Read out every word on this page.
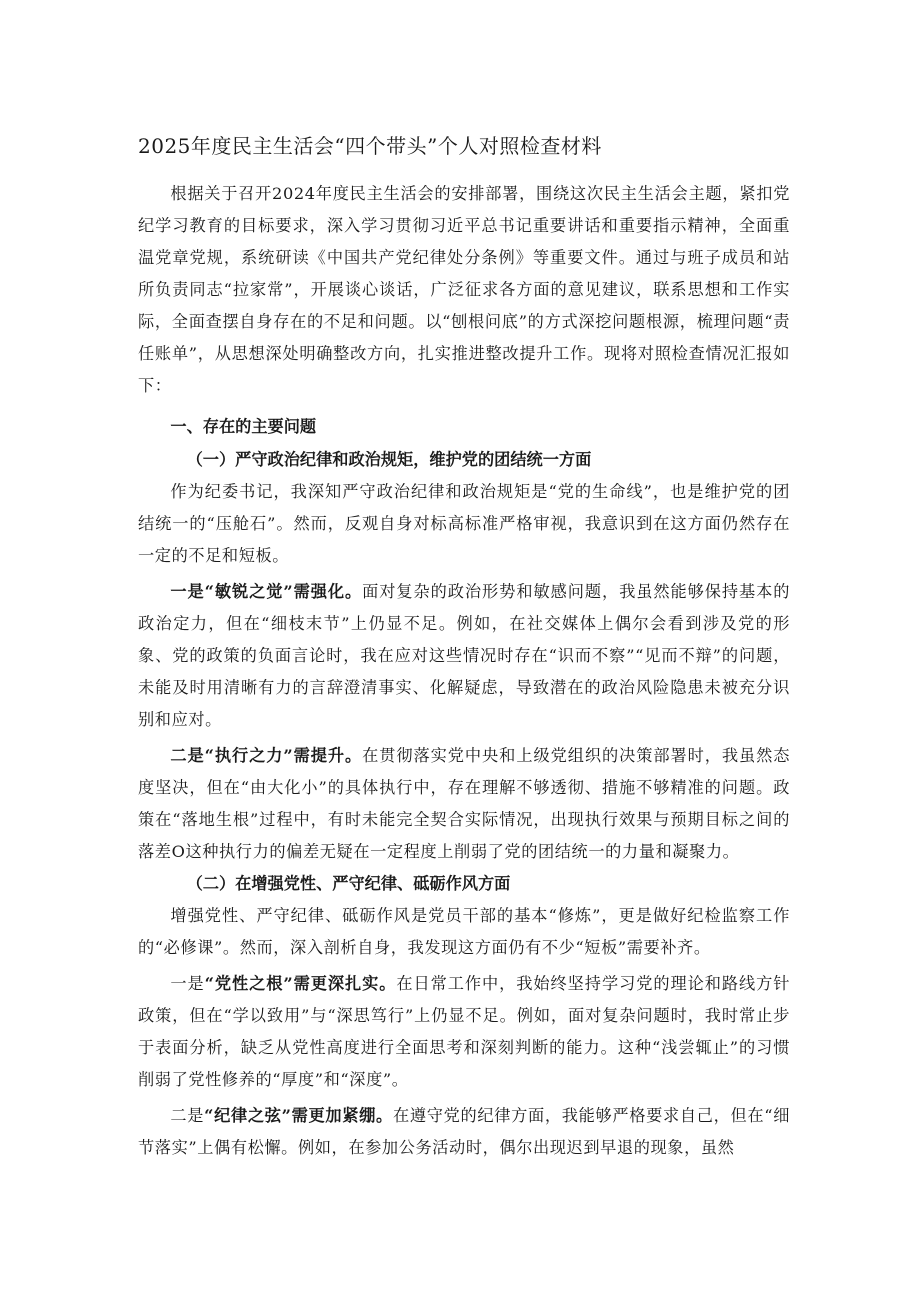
2025年度民主生活会“四个带头”个人对照检查材料

根据关于召开2024年度民主生活会的安排部署，围绕这次民主生活会主题，紧扣党纪学习教育的目标要求，深入学习贯彻习近平总书记重要讲话和重要指示精神，全面重温党章党规，系统研读《中国共产党纪律处分条例》等重要文件。通过与班子成员和站所负责同志“拉家常”，开展谈心谈话，广泛征求各方面的意见建议，联系思想和工作实际，全面查摆自身存在的不足和问题。以“刨根问底”的方式深挖问题根源，梳理问题“责任账单”，从思想深处明确整改方向，扎实推进整改提升工作。现将对照检查情况汇报如下：

一、存在的主要问题

（一）严守政治纪律和政治规矩，维护党的团结统一方面

作为纪委书记，我深知严守政治纪律和政治规矩是“党的生命线”，也是维护党的团结统一的“压舱石”。然而，反观自身对标高标准严格审视，我意识到在这方面仍然存在一定的不足和短板。

一是“敏锐之觉”需强化。面对复杂的政治形势和敏感问题，我虽然能够保持基本的政治定力，但在“细枝末节”上仍显不足。例如，在社交媒体上偶尔会看到涉及党的形象、党的政策的负面言论时，我在应对这些情况时存在“识而不察”“见而不辩”的问题，未能及时用清晰有力的言辞澄清事实、化解疑虑，导致潜在的政治风险隐患未被充分识别和应对。

二是“执行之力”需提升。在贯彻落实党中央和上级党组织的决策部署时，我虽然态度坚决，但在“由大化小”的具体执行中，存在理解不够透彻、措施不够精准的问题。政策在“落地生根”过程中，有时未能完全契合实际情况，出现执行效果与预期目标之间的落差O这种执行力的偏差无疑在一定程度上削弱了党的团结统一的力量和凝聚力。

（二）在增强党性、严守纪律、砥砺作风方面

增强党性、严守纪律、砥砺作风是党员干部的基本“修炼”，更是做好纪检监察工作的“必修课”。然而，深入剖析自身，我发现这方面仍有不少“短板”需要补齐。

一是“党性之根”需更深扎实。在日常工作中，我始终坚持学习党的理论和路线方针政策，但在“学以致用”与“深思笃行”上仍显不足。例如，面对复杂问题时，我时常止步于表面分析，缺乏从党性高度进行全面思考和深刻判断的能力。这种“浅尝辄止”的习惯削弱了党性修养的“厚度”和“深度”。

二是“纪律之弦”需更加紧绷。在遵守党的纪律方面，我能够严格要求自己，但在“细节落实”上偶有松懈。例如，在参加公务活动时，偶尔出现迟到早退的现象，虽然
